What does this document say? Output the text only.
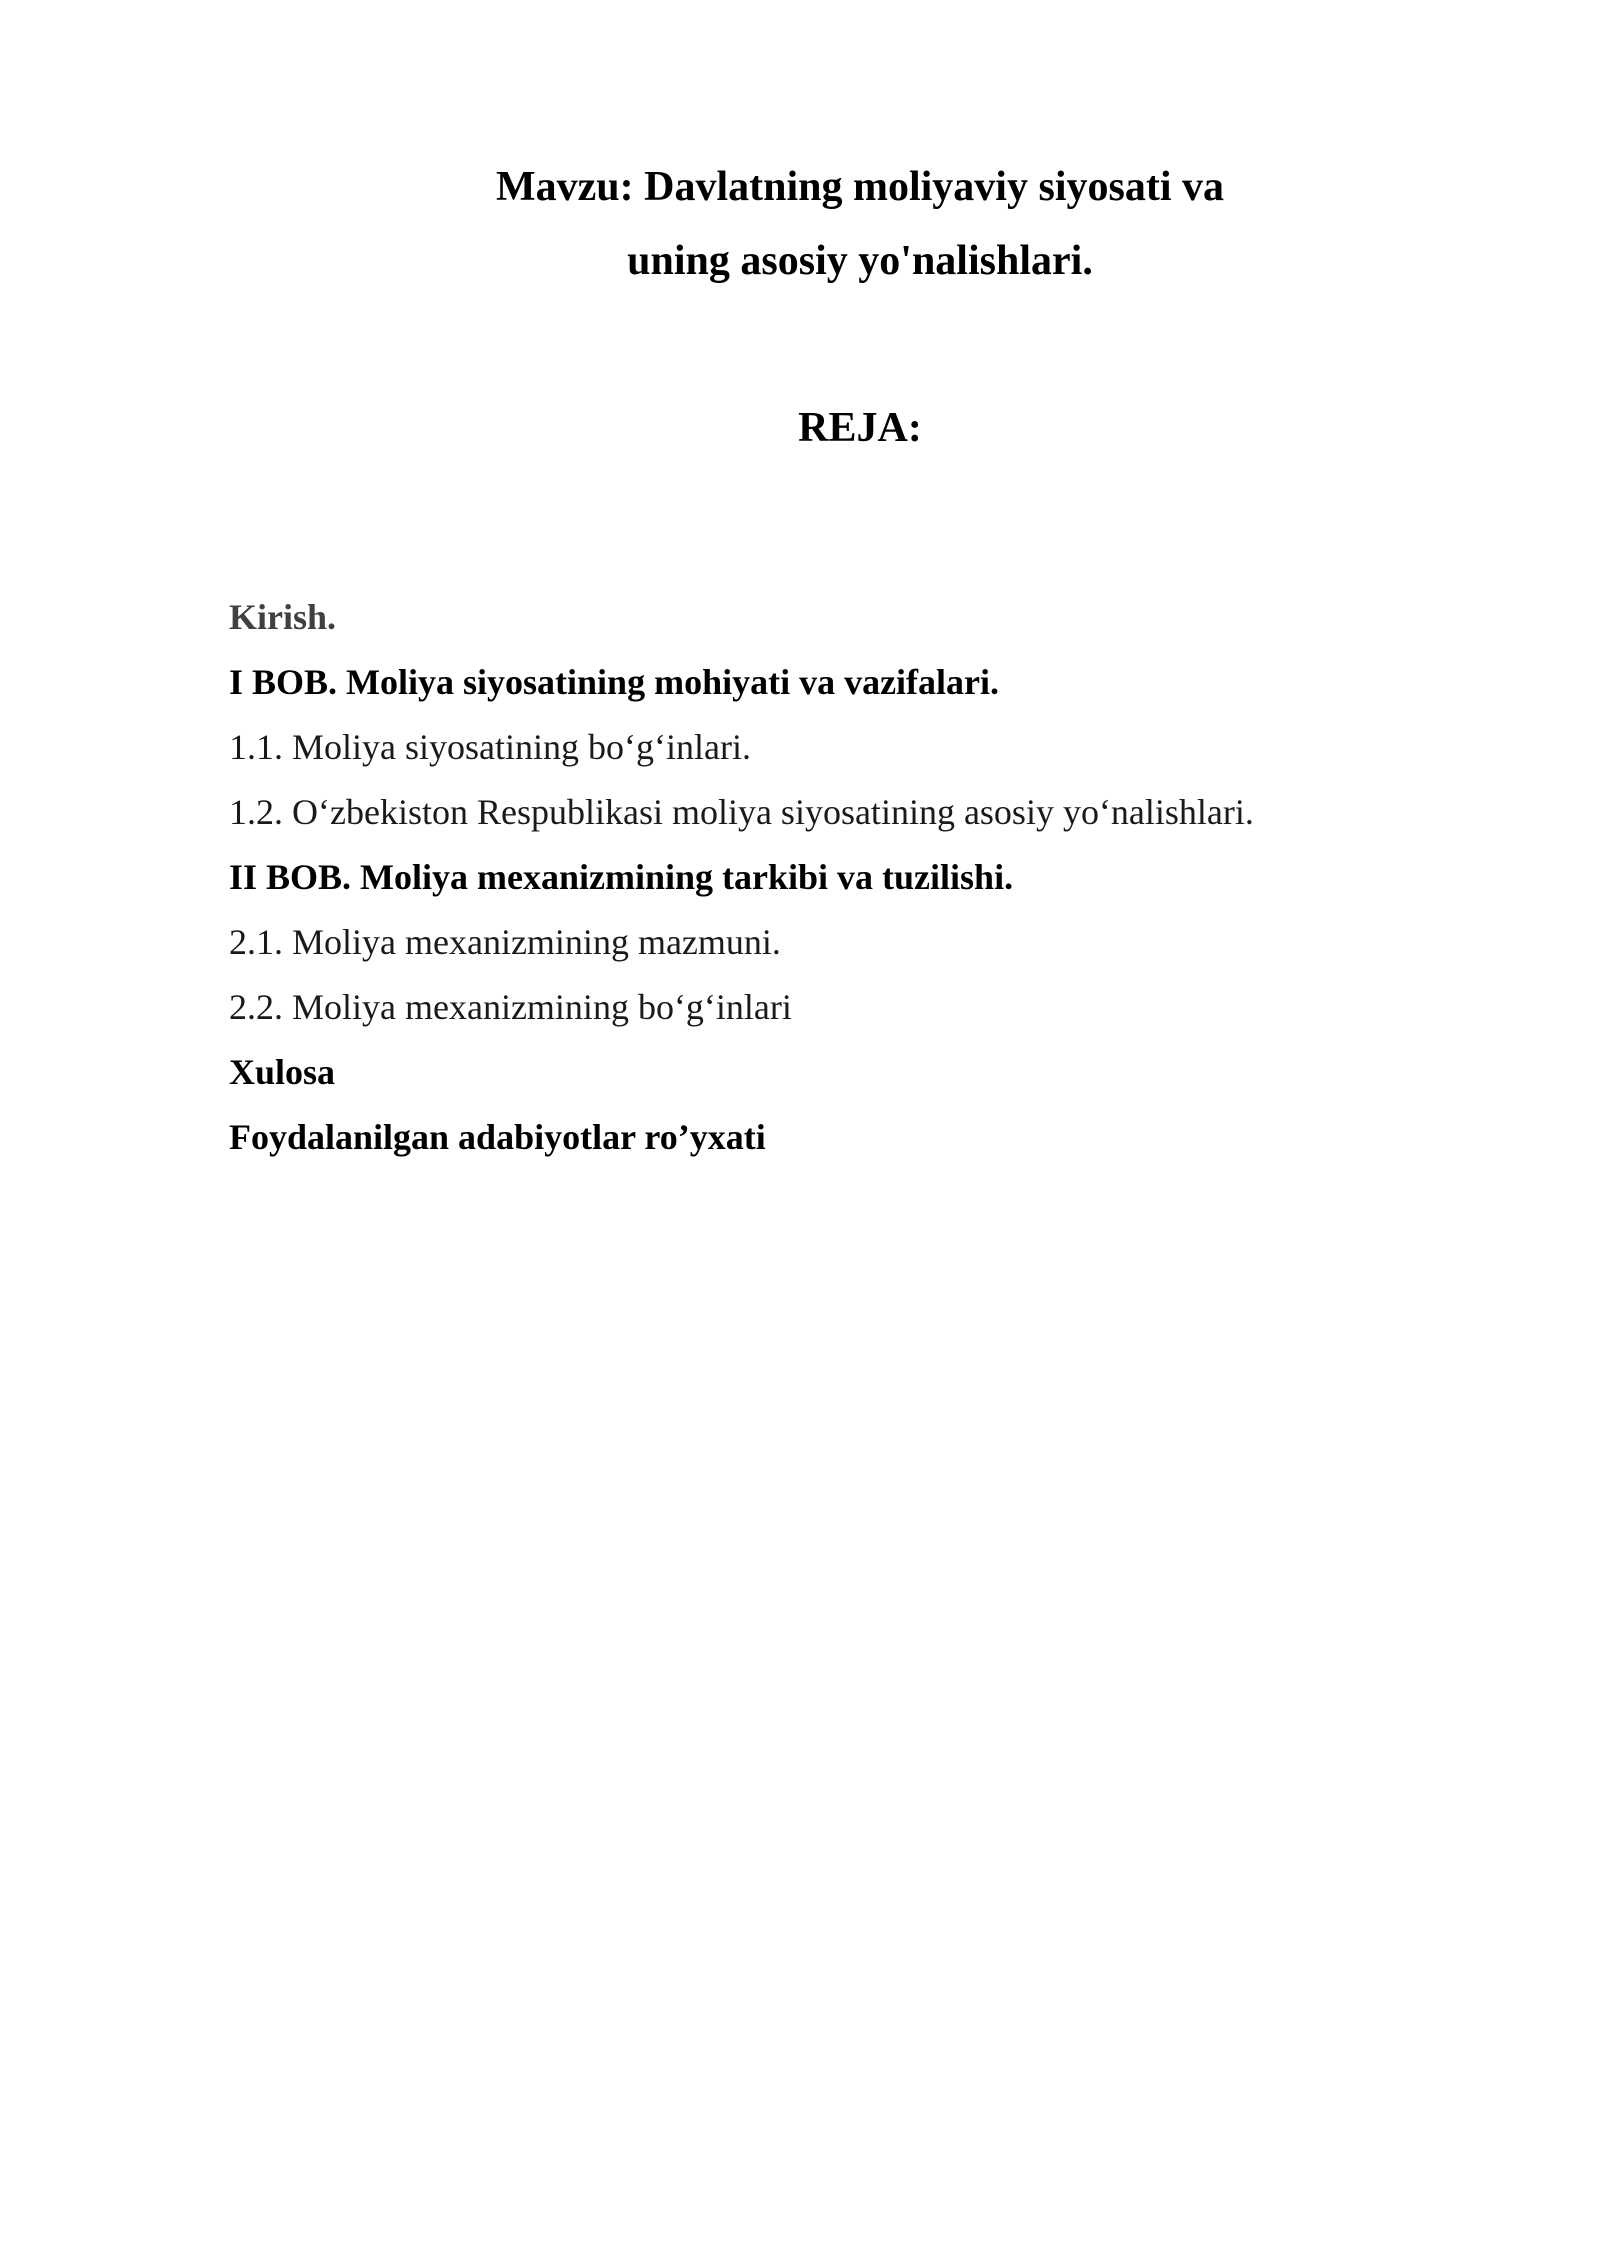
Mavzu: Davlatning moliyaviy siyosati va
uning asosiy yo'nalishlari.
REJA:
Kirish.
I BOB. Moliya siyosatining mohiyati va vazifalari.
1.1. Moliya siyosatining bo‘g‘inlari.
1.2. O‘zbekiston Respublikasi moliya siyosatining asosiy yo‘nalishlari.
II BOB. Moliya mexanizmining tarkibi va tuzilishi.
2.1. Moliya mexanizmining mazmuni.
2.2. Moliya mexanizmining bo‘g‘inlari
Xulosa
Foydalanilgan adabiyotlar ro’yxati
